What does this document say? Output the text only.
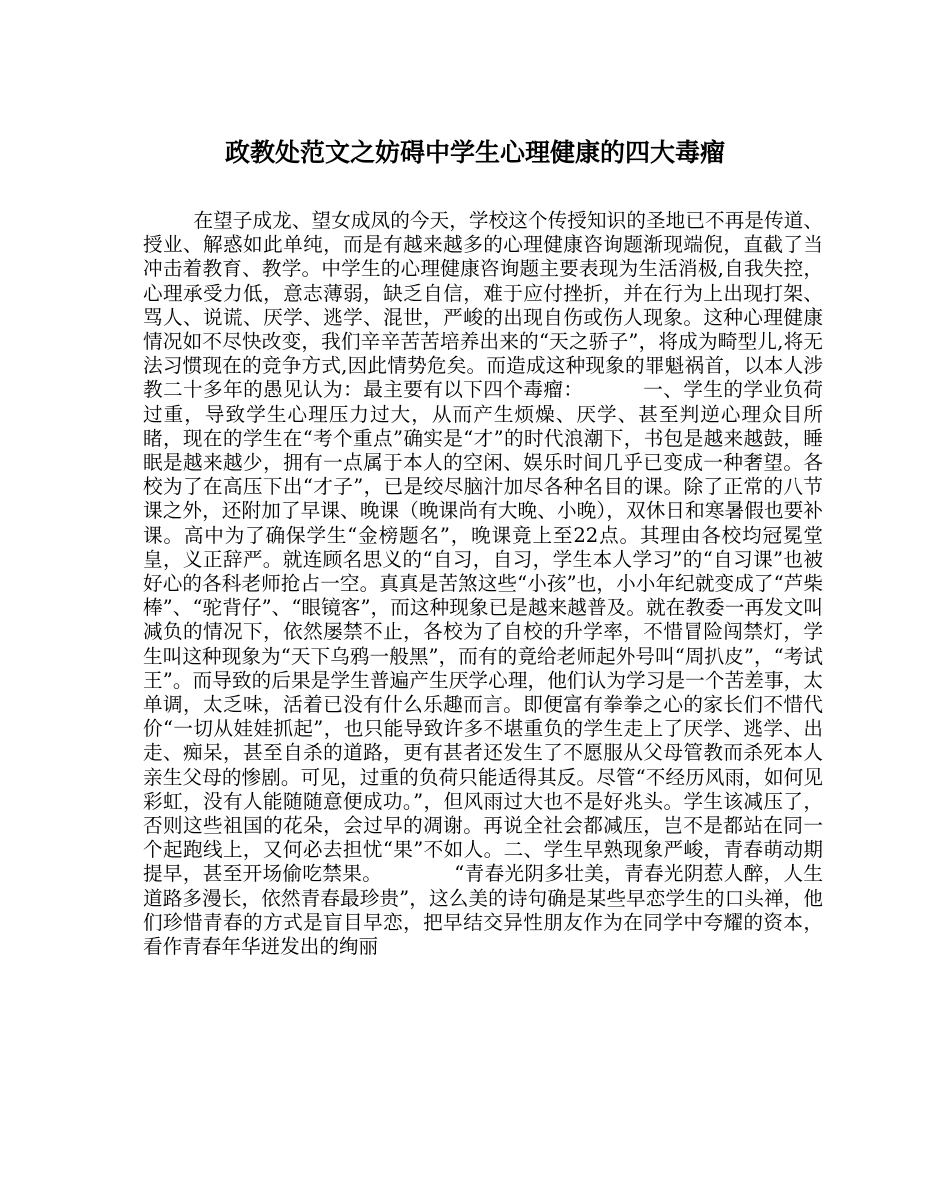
政教处范文之妨碍中学生心理健康的四大毒瘤

在望子成龙、望女成凤的今天，学校这个传授知识的圣地已不再是传道、授业、解惑如此单纯，而是有越来越多的心理健康咨询题渐现端倪，直截了当冲击着教育、教学。中学生的心理健康咨询题主要表现为生活消极,自我失控，心理承受力低，意志薄弱，缺乏自信，难于应付挫折，并在行为上出现打架、骂人、说谎、厌学、逃学、混世，严峻的出现自伤或伤人现象。这种心理健康情况如不尽快改变，我们辛辛苦苦培养出来的“天之骄子”，将成为畸型儿,将无法习惯现在的竞争方式,因此情势危矣。而造成这种现象的罪魁祸首，以本人涉教二十多年的愚见认为：最主要有以下四个毒瘤：         一、学生的学业负荷过重，导致学生心理压力过大，从而产生烦燥、厌学、甚至判逆心理众目所睹，现在的学生在“考个重点”确实是“才”的时代浪潮下，书包是越来越鼓，睡眠是越来越少，拥有一点属于本人的空闲、娱乐时间几乎已变成一种奢望。各校为了在高压下出“才子”，已是绞尽脑汁加尽各种名目的课。除了正常的八节课之外，还附加了早课、晚课（晚课尚有大晚、小晚），双休日和寒暑假也要补课。高中为了确保学生“金榜题名”，晚课竟上至22点。其理由各校均冠冕堂皇，义正辞严。就连顾名思义的“自习，自习，学生本人学习”的“自习课”也被好心的各科老师抢占一空。真真是苦煞这些“小孩”也，小小年纪就变成了“芦柴棒”、“驼背仔”、“眼镜客”，而这种现象已是越来越普及。就在教委一再发文叫减负的情况下，依然屡禁不止，各校为了自校的升学率，不惜冒险闯禁灯，学生叫这种现象为“天下乌鸦一般黑”，而有的竟给老师起外号叫“周扒皮”，“考试王”。而导致的后果是学生普遍产生厌学心理，他们认为学习是一个苦差事，太单调，太乏味，活着已没有什么乐趣而言。即便富有拳拳之心的家长们不惜代价“一切从娃娃抓起”，也只能导致许多不堪重负的学生走上了厌学、逃学、出走、痴呆，甚至自杀的道路，更有甚者还发生了不愿服从父母管教而杀死本人亲生父母的惨剧。可见，过重的负荷只能适得其反。尽管“不经历风雨，如何见彩虹，没有人能随随意便成功。”，但风雨过大也不是好兆头。学生该减压了，否则这些祖国的花朵，会过早的凋谢。再说全社会都减压，岂不是都站在同一个起跑线上，又何必去担忧“果”不如人。二、学生早熟现象严峻，青春萌动期提早，甚至开场偷吃禁果。           “青春光阴多壮美，青春光阴惹人醉，人生道路多漫长，依然青春最珍贵”，这么美的诗句确是某些早恋学生的口头禅，他们珍惜青春的方式是盲目早恋，把早结交异性朋友作为在同学中夸耀的资本，看作青春年华迸发出的绚丽
